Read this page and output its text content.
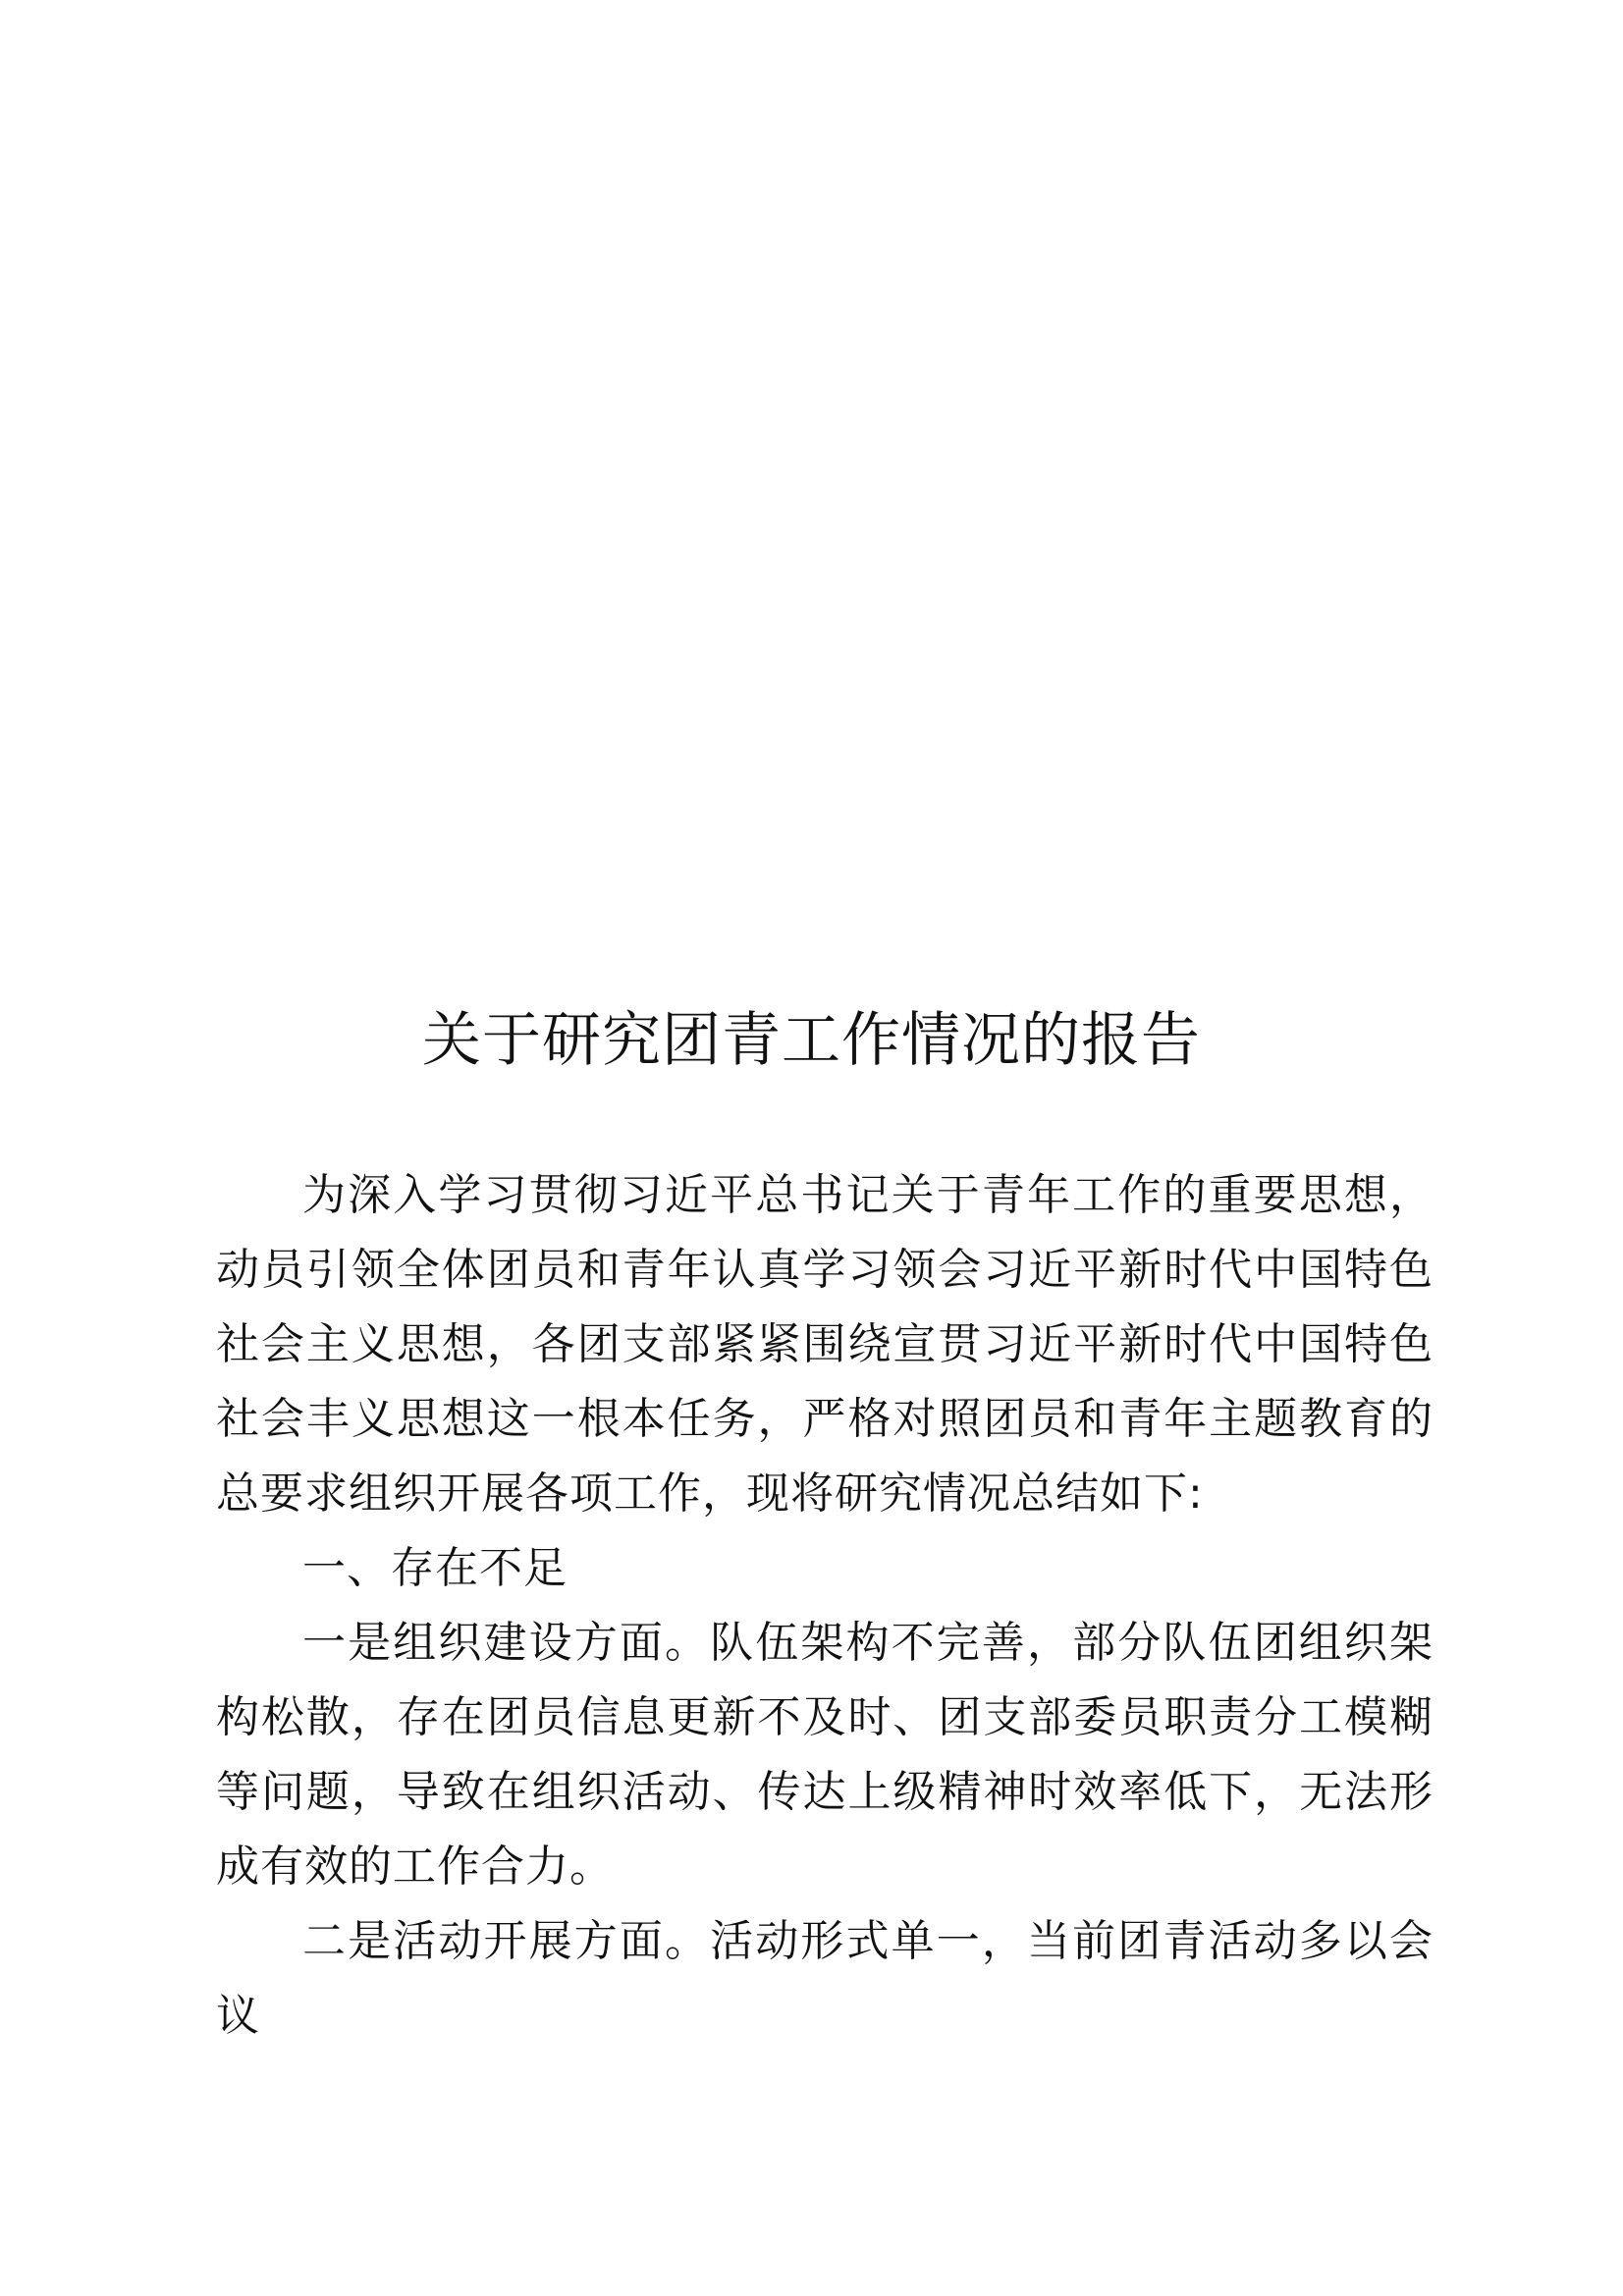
关于研究团青工作情况的报告

为深入学习贯彻习近平总书记关于青年工作的重要思想，动员引领全体团员和青年认真学习领会习近平新时代中国特色社会主义思想，各团支部紧紧围绕宣贯习近平新时代中国特色社会丰义思想这一根本任务，严格对照团员和青年主题教育的总要求组织开展各项工作，现将研究情况总结如下:

一、存在不足

一是组织建设方面。队伍架构不完善，部分队伍团组织架构松散，存在团员信息更新不及时、团支部委员职责分工模糊等问题，导致在组织活动、传达上级精神时效率低下，无法形成有效的工作合力。

二是活动开展方面。活动形式单一，当前团青活动多以会议
